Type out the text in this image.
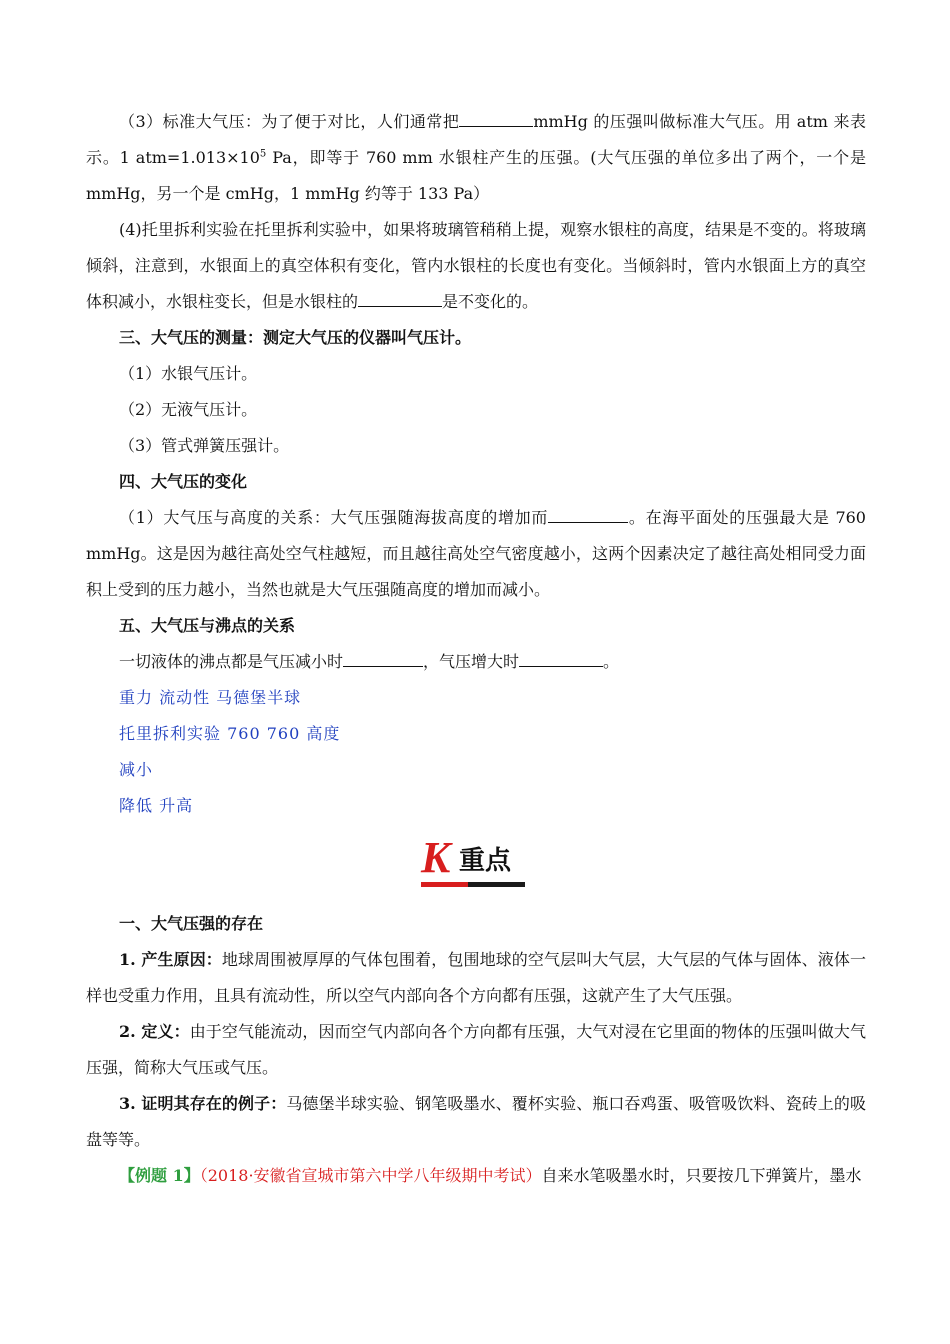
（3）标准大气压：为了便于对比，人们通常把	mmHg 的压强叫做标准大气压。用 atm 来表示。1 $atm=1.013\times 10^5$ Pa，即等于 760 mm 水银柱产生的压强。(大气压强的单位多出了两个，一个是 mmHg，另一个是 cmHg，1 mmHg 约等于 133 Pa）

(4)托里拆利实验在托里拆利实验中，如果将玻璃管稍稍上提，观察水银柱的高度，结果是不变的。将玻璃倾斜，注意到，水银面上的真空体积有变化，管内水银柱的长度也有变化。当倾斜时，管内水银面上方的真空体积减小，水银柱变长，但是水银柱的	是不变化的。

三、大气压的测量：测定大气压的仪器叫气压计。

（1）水银气压计。

（2）无液气压计。

（3）管式弹簧压强计。

四、大气压的变化

（1）大气压与高度的关系：大气压强随海拔高度的增加而	。在海平面处的压强最大是 760 mmHg。这是因为越往高处空气柱越短，而且越往高处空气密度越小，这两个因素决定了越往高处相同受力面积上受到的压力越小，当然也就是大气压强随高度的增加而减小。

五、大气压与沸点的关系

一切液体的沸点都是气压减小时	，气压增大时	。

重力 流动性 马德堡半球

托里拆利实验 760 760 高度

减小

降低 升高

K 重点

一、大气压强的存在

1. 产生原因：地球周围被厚厚的气体包围着，包围地球的空气层叫大气层，大气层的气体与固体、液体一样也受重力作用，且具有流动性，所以空气内部向各个方向都有压强，这就产生了大气压强。

2. 定义：由于空气能流动，因而空气内部向各个方向都有压强，大气对浸在它里面的物体的压强叫做大气压强，简称大气压或气压。

3. 证明其存在的例子：马德堡半球实验、钢笔吸墨水、覆杯实验、瓶口吞鸡蛋、吸管吸饮料、瓷砖上的吸盘等等。

【例题 1】（2018·安徽省宣城市第六中学八年级期中考试）自来水笔吸墨水时，只要按几下弹簧片，墨水
